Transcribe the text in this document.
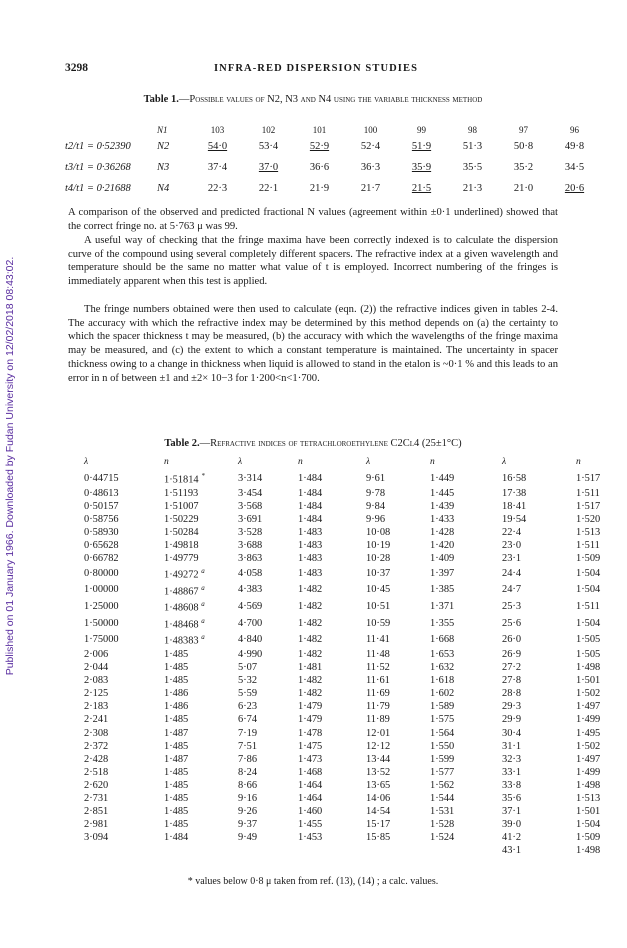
Published on 01 January 1966. Downloaded by Fudan University on 12/02/2018 08:43:02.
3298	INFRA-RED DISPERSION STUDIES
Table 1.—Possible values of N2, N3 and N4 using the variable thickness method
	N1	103	102	101	100	99	98	97	96
t2/t1 = 0·52390	N2	54·0	53·4	52·9	52·4	51·9	51·3	50·8	49·8
t3/t1 = 0·36268	N3	37·4	37·0	36·6	36·3	35·9	35·5	35·2	34·5
t4/t1 = 0·21688	N4	22·3	22·1	21·9	21·7	21·5	21·3	21·0	20·6

A comparison of the observed and predicted fractional N values (agreement within ±0·1 underlined) showed that the correct fringe no. at 5·763 μ was 99.

A useful way of checking that the fringe maxima have been correctly indexed is to calculate the dispersion curve of the compound using several completely different spacers. The refractive index at a given wavelength and temperature should be the same no matter what value of t is employed. Incorrect numbering of the fringes is immediately apparent when this test is applied.

The fringe numbers obtained were then used to calculate (eqn. (2)) the refractive indices given in tables 2-4. The accuracy with which the refractive index may be determined by this method depends on (a) the certainty to which the spacer thickness t may be measured, (b) the accuracy with which the wavelengths of the fringe maxima may be measured, and (c) the extent to which a constant temperature is maintained. The uncertainty in spacer thickness owing to a change in thickness when liquid is allowed to stand in the etalon is ~0·1 % and this leads to an error in n of between ±1 and ±2× 10−3 for 1·200<n<1·700.

Table 2.—Refractive indices of tetrachloroethylene C2Cl4 (25±1°C)
λ	n	λ	n	λ	n	λ	n
0·44715	1·51814 *	3·314	1·484	9·61	1·449	16·58	1·517
0·48613	1·51193	3·454	1·484	9·78	1·445	17·38	1·511
0·50157	1·51007	3·568	1·484	9·84	1·439	18·41	1·517
0·58756	1·50229	3·691	1·484	9·96	1·433	19·54	1·520
0·58930	1·50284	3·528	1·483	10·08	1·428	22·4	1·513
0·65628	1·49818	3·688	1·483	10·19	1·420	23·0	1·511
0·66782	1·49779	3·863	1·483	10·28	1·409	23·1	1·509
0·80000	1·49272 $^a$	4·058	1·483	10·37	1·397	24·4	1·504
1·00000	1·48867 $^a$	4·383	1·482	10·45	1·385	24·7	1·504
1·25000	1·48608 $^a$	4·569	1·482	10·51	1·371	25·3	1·511
1·50000	1·48468 $^a$	4·700	1·482	10·59	1·355	25·6	1·504
1·75000	1·48383 $^a$	4·840	1·482	11·41	1·668	26·0	1·505
2·006	1·485	4·990	1·482	11·48	1·653	26·9	1·505
2·044	1·485	5·07	1·481	11·52	1·632	27·2	1·498
2·083	1·485	5·32	1·482	11·61	1·618	27·8	1·501
2·125	1·486	5·59	1·482	11·69	1·602	28·8	1·502
2·183	1·486	6·23	1·479	11·79	1·589	29·3	1·497
2·241	1·485	6·74	1·479	11·89	1·575	29·9	1·499
2·308	1·487	7·19	1·478	12·01	1·564	30·4	1·495
2·372	1·485	7·51	1·475	12·12	1·550	31·1	1·502
2·428	1·487	7·86	1·473	13·44	1·599	32·3	1·497
2·518	1·485	8·24	1·468	13·52	1·577	33·1	1·499
2·620	1·485	8·66	1·464	13·65	1·562	33·8	1·498
2·731	1·485	9·16	1·464	14·06	1·544	35·6	1·513
2·851	1·485	9·26	1·460	14·54	1·531	37·1	1·501
2·981	1·485	9·37	1·455	15·17	1·528	39·0	1·504
3·094	1·484	9·49	1·453	15·85	1·524	41·2	1·509
						43·1	1·498
* values below 0·8 μ taken from ref. (13), (14) ; a calc. values.
